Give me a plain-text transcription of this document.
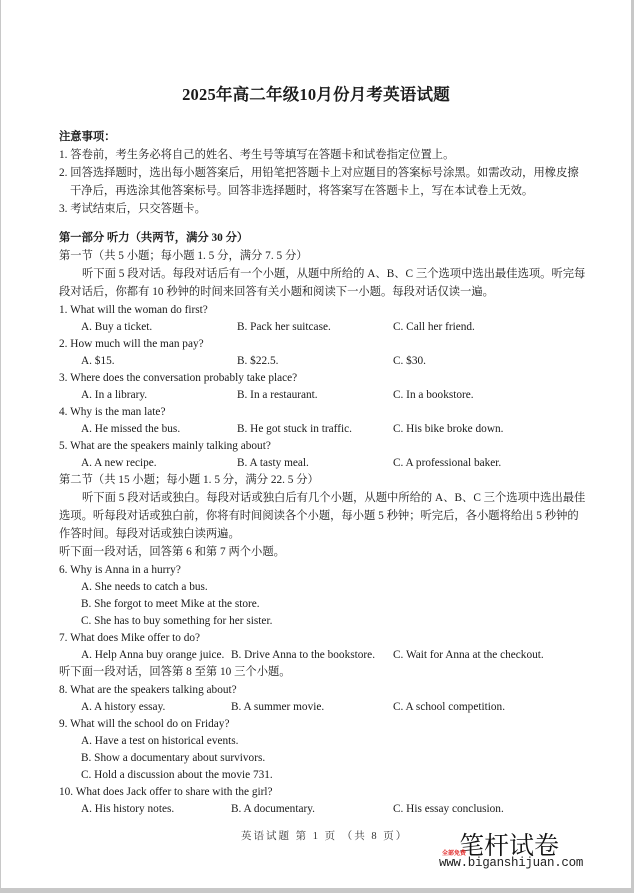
2025年高二年级10月份月考英语试题
注意事项：
1. 答卷前，考生务必将自己的姓名、考生号等填写在答题卡和试卷指定位置上。
2. 回答选择题时，选出每小题答案后，用铅笔把答题卡上对应题目的答案标号涂黑。如需改动，用橡皮擦
干净后，再选涂其他答案标号。回答非选择题时，将答案写在答题卡上，写在本试卷上无效。
3. 考试结束后，只交答题卡。
第一部分 听力（共两节，满分 30 分）
第一节（共 5 小题；每小题 1. 5 分，满分 7. 5 分）
听下面 5 段对话。每段对话后有一个小题，从题中所给的 A、B、C 三个选项中选出最佳选项。听完每
段对话后，你都有 10 秒钟的时间来回答有关小题和阅读下一小题。每段对话仅读一遍。
1. What will the woman do first?
A. Buy a ticket.	B. Pack her suitcase.	C. Call her friend.
2. How much will the man pay?
A. $15.	B. $22.5.	C. $30.
3. Where does the conversation probably take place?
A. In a library.	B. In a restaurant.	C. In a bookstore.
4. Why is the man late?
A. He missed the bus.	B. He got stuck in traffic.	C. His bike broke down.
5. What are the speakers mainly talking about?
A. A new recipe.	B. A tasty meal.	C. A professional baker.
第二节（共 15 小题；每小题 1. 5 分，满分 22. 5 分）
听下面 5 段对话或独白。每段对话或独白后有几个小题，从题中所给的 A、B、C 三个选项中选出最佳
选项。听每段对话或独白前，你将有时间阅读各个小题，每小题 5 秒钟；听完后，各小题将给出 5 秒钟的
作答时间。每段对话或独白读两遍。
听下面一段对话，回答第 6 和第 7 两个小题。
6. Why is Anna in a hurry?
A. She needs to catch a bus.
B. She forgot to meet Mike at the store.
C. She has to buy something for her sister.
7. What does Mike offer to do?
A. Help Anna buy orange juice. B. Drive Anna to the bookstore. C. Wait for Anna at the checkout.
听下面一段对话，回答第 8 至第 10 三个小题。
8. What are the speakers talking about?
A. A history essay.	B. A summer movie.	C. A school competition.
9. What will the school do on Friday?
A. Have a test on historical events.
B. Show a documentary about survivors.
C. Hold a discussion about the movie 731.
10. What does Jack offer to share with the girl?
A. His history notes.	B. A documentary.	C. His essay conclusion.
英语试题 第 1 页 （共 8 页） 笔杆试卷
全部免费
www.biganshijuan.com
